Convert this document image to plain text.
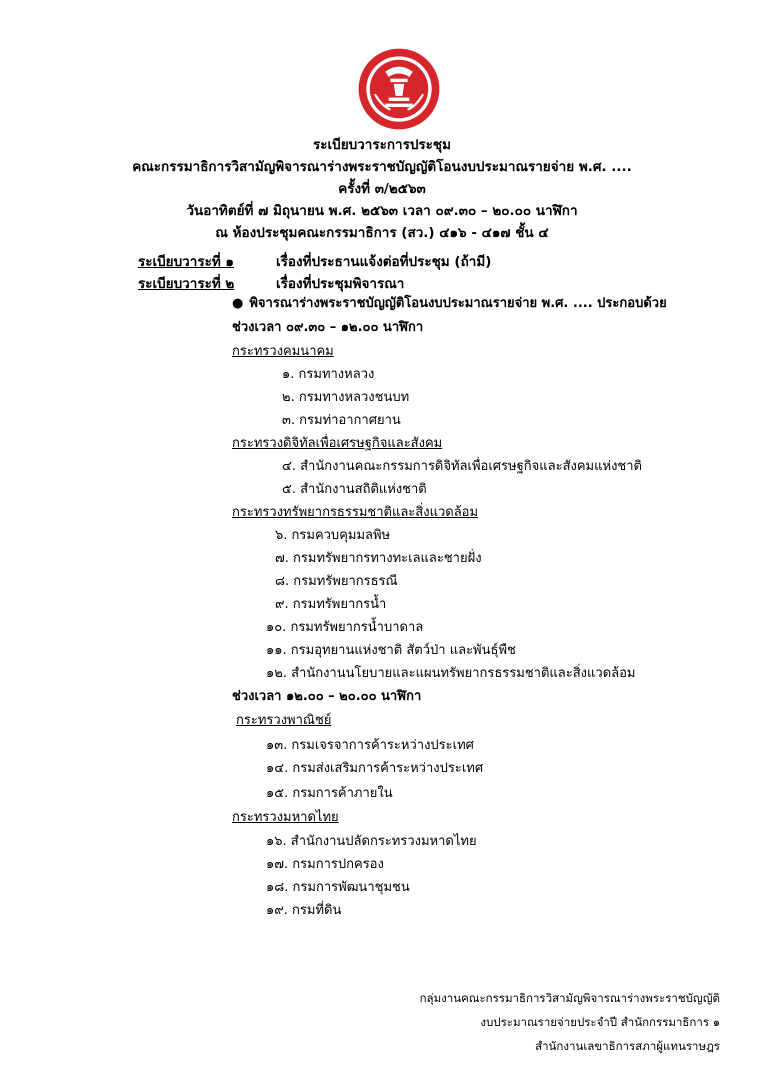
ระเบียบวาระการประชุม
คณะกรรมาธิการวิสามัญพิจารณาร่างพระราชบัญญัติโอนงบประมาณรายจ่าย พ.ศ. ....
ครั้งที่ ๓/๒๕๖๓
วันอาทิตย์ที่ ๗ มิถุนายน พ.ศ. ๒๕๖๓ เวลา ๐๙.๓๐ – ๒๐.๐๐ นาฬิกา
ณ ห้องประชุมคณะกรรมาธิการ (สว.) ๔๑๖ - ๔๑๗ ชั้น ๔
ระเบียบวาระที่ ๑	เรื่องที่ประธานแจ้งต่อที่ประชุม (ถ้ามี)
ระเบียบวาระที่ ๒	เรื่องที่ประชุมพิจารณา
● พิจารณาร่างพระราชบัญญัติโอนงบประมาณรายจ่าย พ.ศ. .... ประกอบด้วย
ช่วงเวลา ๐๙.๓๐ – ๑๒.๐๐ นาฬิกา
กระทรวงคมนาคม
๑. กรมทางหลวง
๒. กรมทางหลวงชนบท
๓. กรมท่าอากาศยาน
กระทรวงดิจิทัลเพื่อเศรษฐกิจและสังคม
๔. สำนักงานคณะกรรมการดิจิทัลเพื่อเศรษฐกิจและสังคมแห่งชาติ
๕. สำนักงานสถิติแห่งชาติ
กระทรวงทรัพยากรธรรมชาติและสิ่งแวดล้อม
๖. กรมควบคุมมลพิษ
๗. กรมทรัพยากรทางทะเลและชายฝั่ง
๘. กรมทรัพยากรธรณี
๙. กรมทรัพยากรน้ำ
๑๐. กรมทรัพยากรน้ำบาดาล
๑๑. กรมอุทยานแห่งชาติ สัตว์ป่า และพันธุ์พืช
๑๒. สำนักงานนโยบายและแผนทรัพยากรธรรมชาติและสิ่งแวดล้อม
ช่วงเวลา ๑๒.๐๐ – ๒๐.๐๐ นาฬิกา
กระทรวงพาณิชย์
๑๓. กรมเจรจาการค้าระหว่างประเทศ
๑๔. กรมส่งเสริมการค้าระหว่างประเทศ
๑๕. กรมการค้าภายใน
กระทรวงมหาดไทย
๑๖. สำนักงานปลัดกระทรวงมหาดไทย
๑๗. กรมการปกครอง
๑๘. กรมการพัฒนาชุมชน
๑๙. กรมที่ดิน
กลุ่มงานคณะกรรมาธิการวิสามัญพิจารณาร่างพระราชบัญญัติ
งบประมาณรายจ่ายประจำปี สำนักกรรมาธิการ ๑
สำนักงานเลขาธิการสภาผู้แทนราษฎร
